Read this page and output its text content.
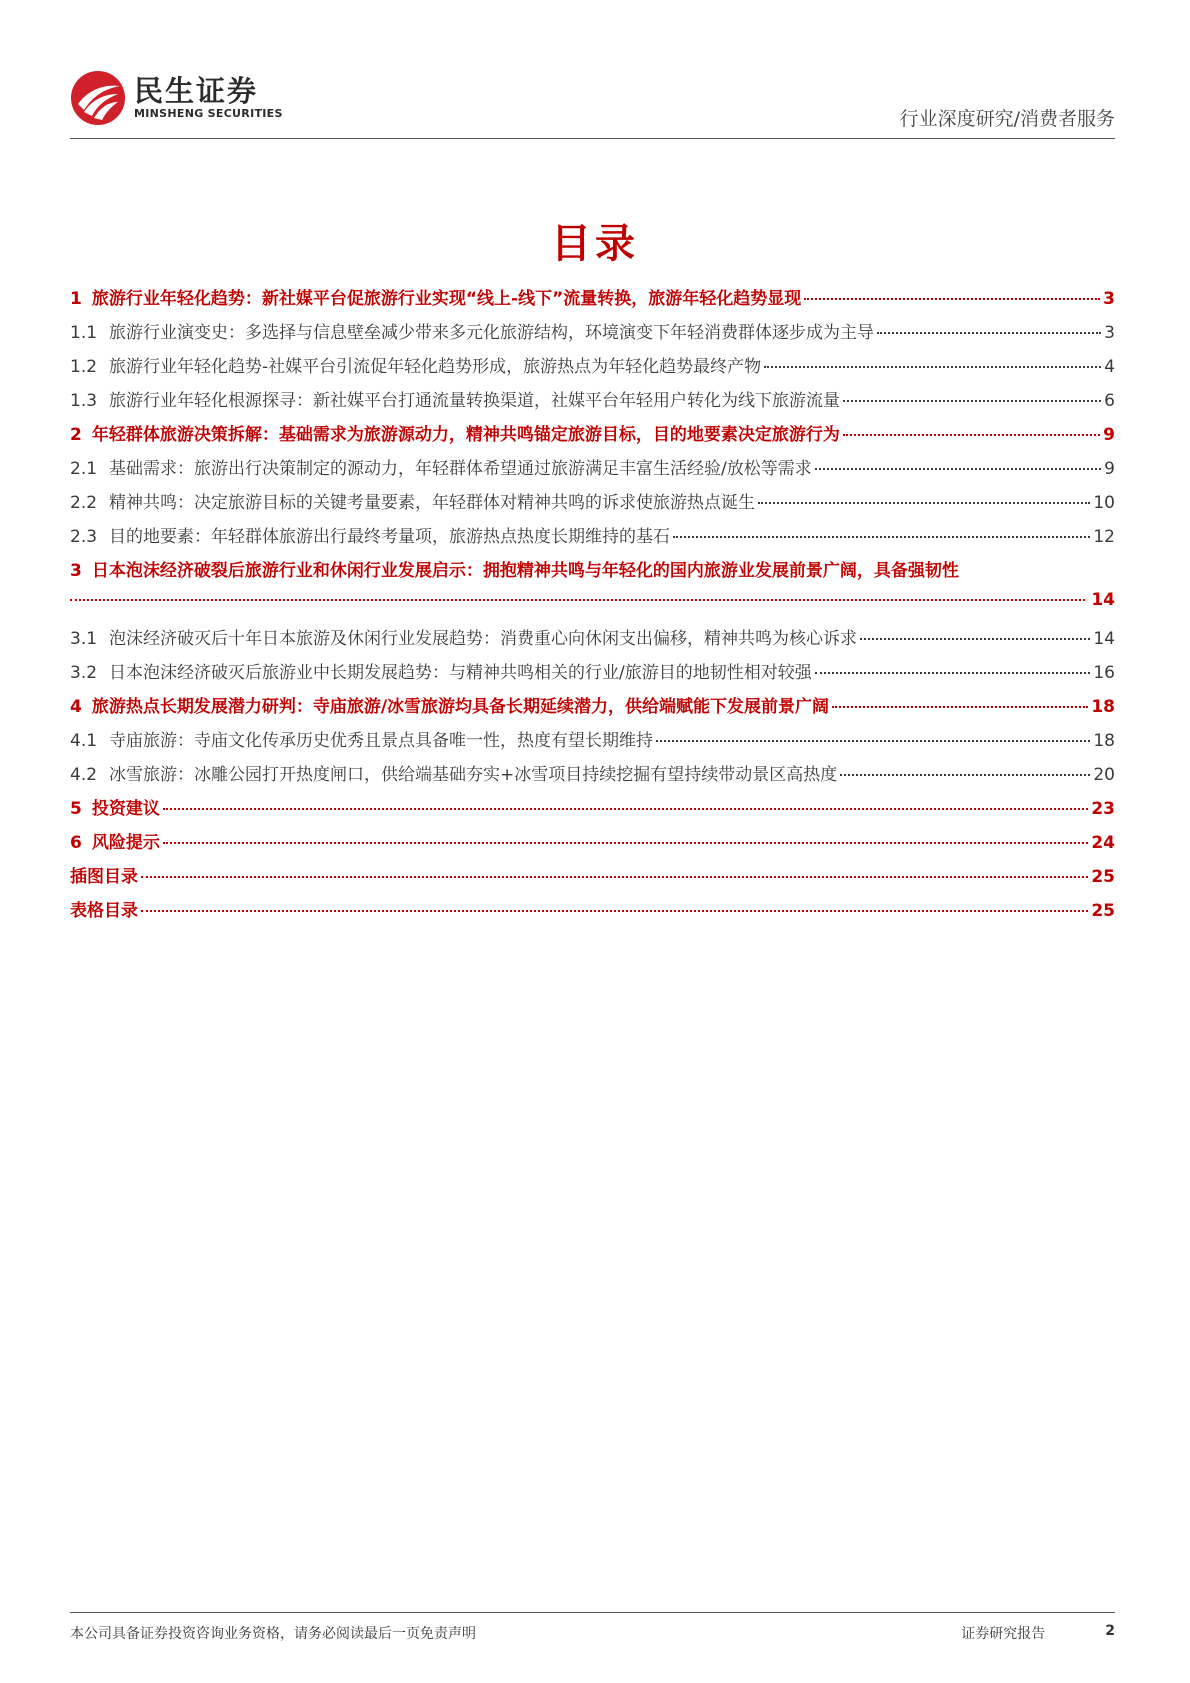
民生证券
MINSHENG SECURITIES	行业深度研究/消费者服务
目录
1 旅游行业年轻化趋势：新社媒平台促旅游行业实现“线上-线下”流量转换，旅游年轻化趋势显现	3
1.1 旅游行业演变史：多选择与信息壁垒减少带来多元化旅游结构，环境演变下年轻消费群体逐步成为主导	3
1.2 旅游行业年轻化趋势-社媒平台引流促年轻化趋势形成，旅游热点为年轻化趋势最终产物	4
1.3 旅游行业年轻化根源探寻：新社媒平台打通流量转换渠道，社媒平台年轻用户转化为线下旅游流量	6
2 年轻群体旅游决策拆解：基础需求为旅游源动力，精神共鸣锚定旅游目标，目的地要素决定旅游行为	9
2.1 基础需求：旅游出行决策制定的源动力，年轻群体希望通过旅游满足丰富生活经验/放松等需求	9
2.2 精神共鸣：决定旅游目标的关键考量要素，年轻群体对精神共鸣的诉求使旅游热点诞生	10
2.3 目的地要素：年轻群体旅游出行最终考量项，旅游热点热度长期维持的基石	12
3 日本泡沫经济破裂后旅游行业和休闲行业发展启示：拥抱精神共鸣与年轻化的国内旅游业发展前景广阔，具备强韧性
14
3.1 泡沫经济破灭后十年日本旅游及休闲行业发展趋势：消费重心向休闲支出偏移，精神共鸣为核心诉求	14
3.2 日本泡沫经济破灭后旅游业中长期发展趋势：与精神共鸣相关的行业/旅游目的地韧性相对较强	16
4 旅游热点长期发展潜力研判：寺庙旅游/冰雪旅游均具备长期延续潜力，供给端赋能下发展前景广阔	18
4.1 寺庙旅游：寺庙文化传承历史优秀且景点具备唯一性，热度有望长期维持	18
4.2 冰雪旅游：冰雕公园打开热度闸口，供给端基础夯实+冰雪项目持续挖掘有望持续带动景区高热度	20
5 投资建议	23
6 风险提示	24
插图目录	25
表格目录	25
本公司具备证券投资咨询业务资格，请务必阅读最后一页免责声明	证券研究报告	2
